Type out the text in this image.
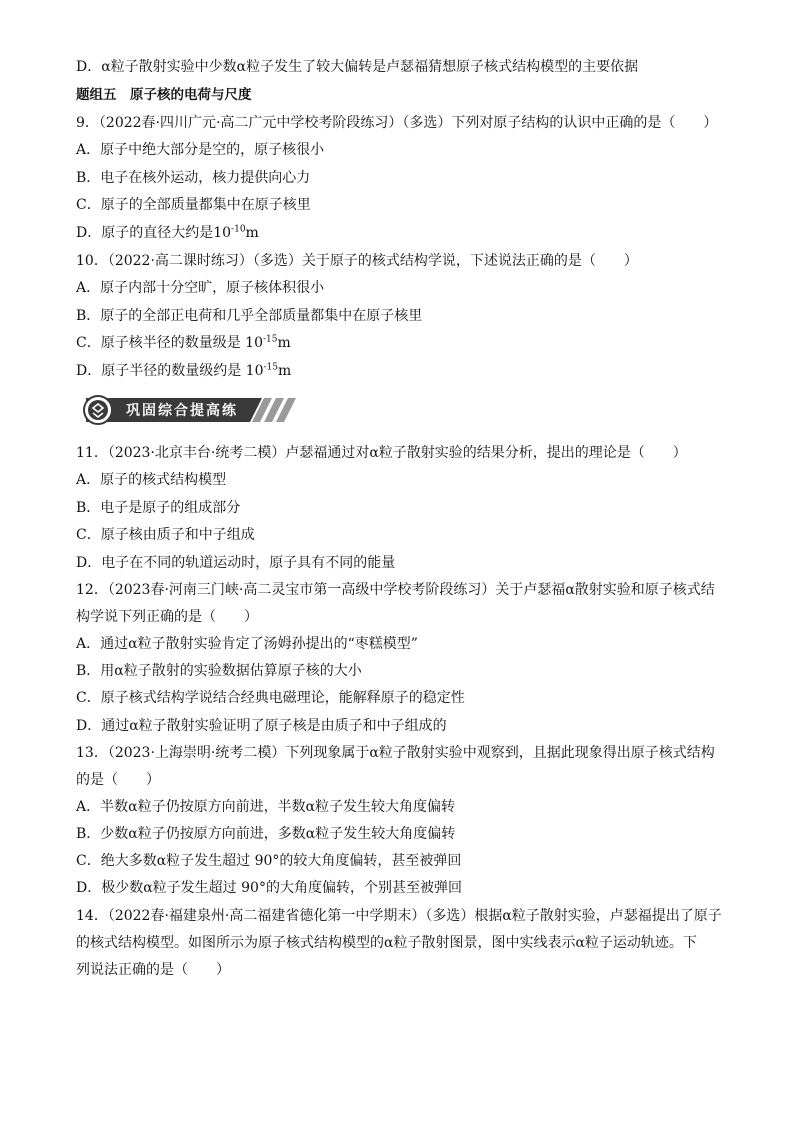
D．α粒子散射实验中少数α粒子发生了较大偏转是卢瑟福猜想原子核式结构模型的主要依据
题组五　原子核的电荷与尺度
9．（2022春·四川广元·高二广元中学校考阶段练习）（多选）下列对原子结构的认识中正确的是（　　）
A．原子中绝大部分是空的，原子核很小
B．电子在核外运动，核力提供向心力
C．原子的全部质量都集中在原子核里
D．原子的直径大约是$10^{-10}m$
10．（2022·高二课时练习）（多选）关于原子的核式结构学说，下述说法正确的是（　　）
A．原子内部十分空旷，原子核体积很小
B．原子的全部正电荷和几乎全部质量都集中在原子核里
C．原子核半径的数量级是 $10^{-15}m$
D．原子半径的数量级约是 $10^{-15}m$
巩固综合提高练
11．（2023·北京丰台·统考二模）卢瑟福通过对α粒子散射实验的结果分析，提出的理论是（　　）
A．原子的核式结构模型
B．电子是原子的组成部分
C．原子核由质子和中子组成
D．电子在不同的轨道运动时，原子具有不同的能量
12．（2023春·河南三门峡·高二灵宝市第一高级中学校考阶段练习）关于卢瑟福α散射实验和原子核式结
构学说下列正确的是（　　）
A．通过α粒子散射实验肯定了汤姆孙提出的“枣糕模型”
B．用α粒子散射的实验数据估算原子核的大小
C．原子核式结构学说结合经典电磁理论，能解释原子的稳定性
D．通过α粒子散射实验证明了原子核是由质子和中子组成的
13．（2023·上海崇明·统考二模）下列现象属于α粒子散射实验中观察到，且据此现象得出原子核式结构
的是（　　）
A．半数α粒子仍按原方向前进，半数α粒子发生较大角度偏转
B．少数α粒子仍按原方向前进，多数α粒子发生较大角度偏转
C．绝大多数α粒子发生超过 90°的较大角度偏转，甚至被弹回
D．极少数α粒子发生超过 90°的大角度偏转，个别甚至被弹回
14．（2022春·福建泉州·高二福建省德化第一中学期末）（多选）根据α粒子散射实验，卢瑟福提出了原子
的核式结构模型。如图所示为原子核式结构模型的α粒子散射图景，图中实线表示α粒子运动轨迹。下
列说法正确的是（　　）
